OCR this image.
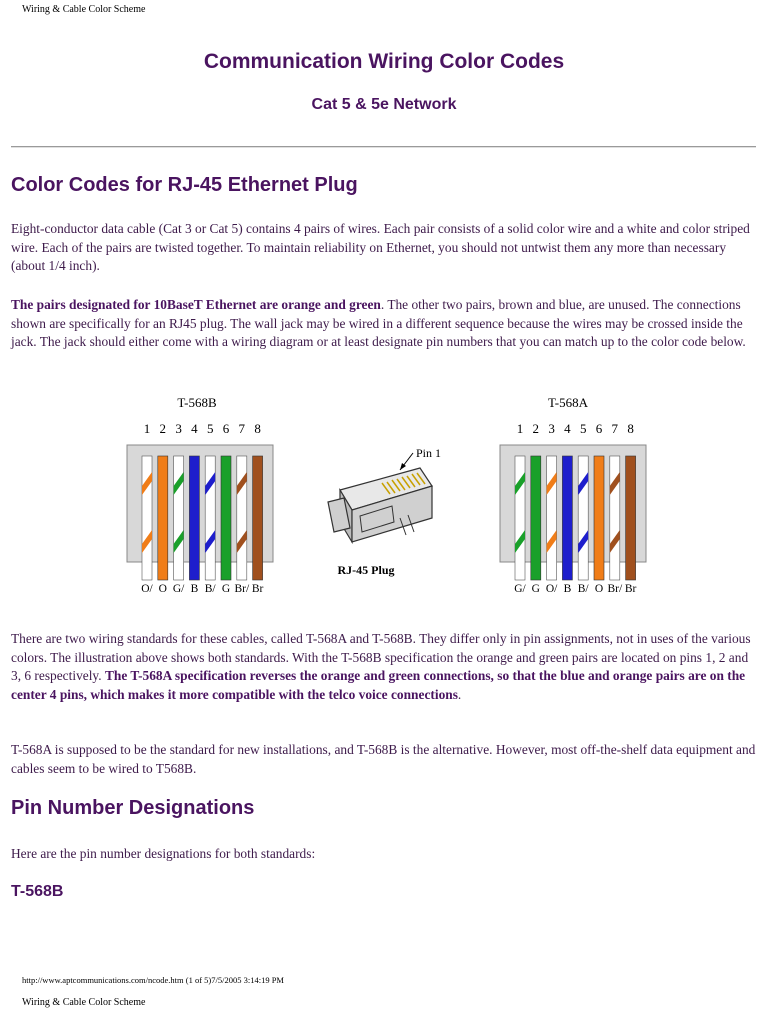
Wiring & Cable Color Scheme
Communication Wiring Color Codes
Cat 5 & 5e Network
Color Codes for RJ-45 Ethernet Plug

Eight-conductor data cable (Cat 3 or Cat 5) contains 4 pairs of wires. Each pair consists of a solid color wire and a white and color striped wire. Each of the pairs are twisted together. To maintain reliability on Ethernet, you should not untwist them any more than necessary (about 1/4 inch).

The pairs designated for 10BaseT Ethernet are orange and green. The other two pairs, brown and blue, are unused. The connections shown are specifically for an RJ45 plug. The wall jack may be wired in a different sequence because the wires may be crossed inside the jack. The jack should either come with a wiring diagram or at least designate pin numbers that you can match up to the color code below.

T-568B
1 2 3 4 5 6 7 8
O/ O G/ B B/ G Br/ Br
Pin 1
RJ-45 Plug
T-568A
1 2 3 4 5 6 7 8
G/ G O/ B B/ O Br/ Br

There are two wiring standards for these cables, called T-568A and T-568B. They differ only in pin assignments, not in uses of the various colors. The illustration above shows both standards. With the T-568B specification the orange and green pairs are located on pins 1, 2 and 3, 6 respectively. The T-568A specification reverses the orange and green connections, so that the blue and orange pairs are on the center 4 pins, which makes it more compatible with the telco voice connections.

T-568A is supposed to be the standard for new installations, and T-568B is the alternative. However, most off-the-shelf data equipment and cables seem to be wired to T568B.

Pin Number Designations

Here are the pin number designations for both standards:

T-568B
http://www.aptcommunications.com/ncode.htm (1 of 5)7/5/2005 3:14:19 PM
Wiring & Cable Color Scheme
